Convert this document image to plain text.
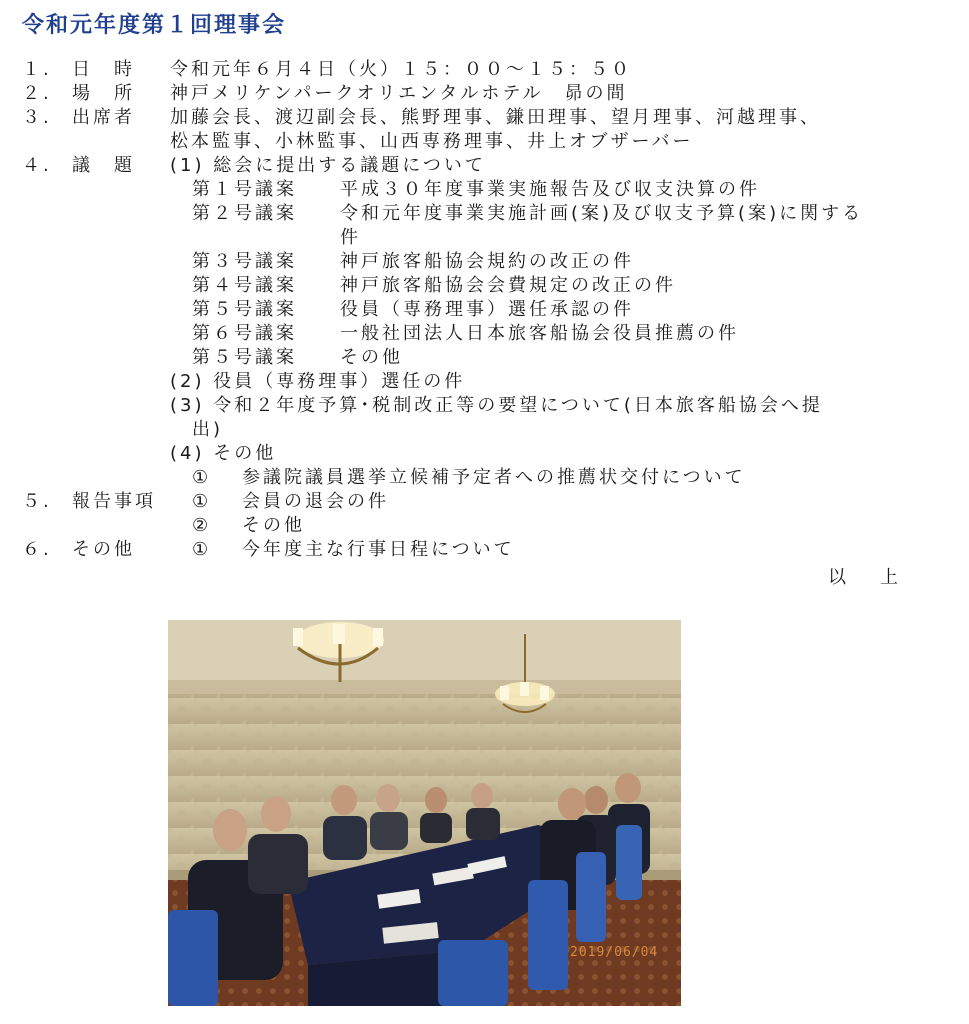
令和元年度第１回理事会
１. 日　時 令和元年６月４日（火）１５：００～１５：５０
２. 場　所 神戸メリケンパークオリエンタルホテル　昴の間
３. 出席者 加藤会長、渡辺副会長、熊野理事、鎌田理事、望月理事、河越理事、
松本監事、小林監事、山西専務理事、井上オブザーバー
４. 議　題 (1) 総会に提出する議題について
第１号議案 平成３０年度事業実施報告及び収支決算の件
第２号議案 令和元年度事業実施計画(案)及び収支予算(案)に関する
件
第３号議案 神戸旅客船協会規約の改正の件
第４号議案 神戸旅客船協会会費規定の改正の件
第５号議案 役員（専務理事）選任承認の件
第６号議案 一般社団法人日本旅客船協会役員推薦の件
第５号議案 その他
(2) 役員（専務理事）選任の件
(3) 令和２年度予算･税制改正等の要望について(日本旅客船協会へ提
出)
(4) その他
① 参議院議員選挙立候補予定者への推薦状交付について
５. 報告事項 ① 会員の退会の件
② その他
６. その他	① 今年度主な行事日程について
以上
2019/06/04
